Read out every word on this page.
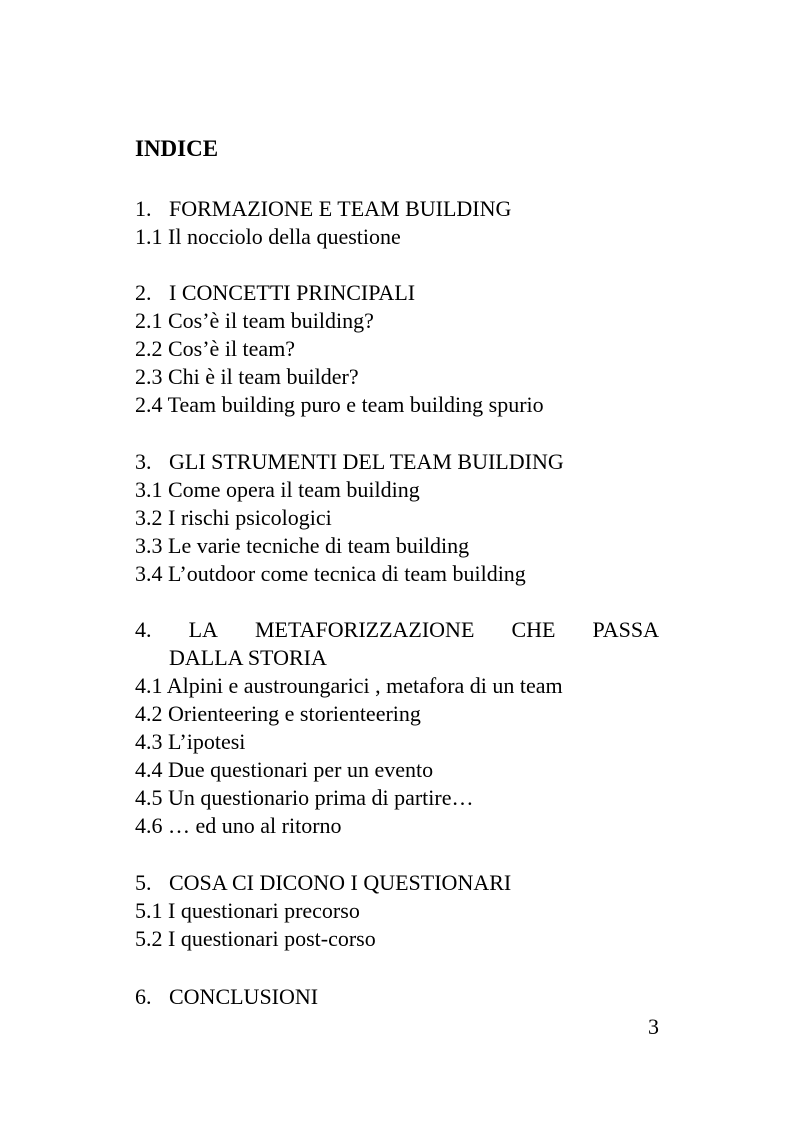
INDICE
1. FORMAZIONE E TEAM BUILDING
1.1 Il nocciolo della questione
2. I CONCETTI PRINCIPALI
2.1 Cos’è il team building?
2.2 Cos’è il team?
2.3 Chi è il team builder?
2.4 Team building puro e team building spurio
3. GLI STRUMENTI DEL TEAM BUILDING
3.1 Come opera il team building
3.2 I rischi psicologici
3.3 Le varie tecniche di team building
3.4 L’outdoor come tecnica di team building
4. LA METAFORIZZAZIONE CHE PASSA
DALLA STORIA
4.1 Alpini e austroungarici , metafora di un team
4.2 Orienteering e storienteering
4.3 L’ipotesi
4.4 Due questionari per un evento
4.5 Un questionario prima di partire…
4.6 … ed uno al ritorno
5. COSA CI DICONO I QUESTIONARI
5.1 I questionari precorso
5.2 I questionari post-corso
6. CONCLUSIONI
3
